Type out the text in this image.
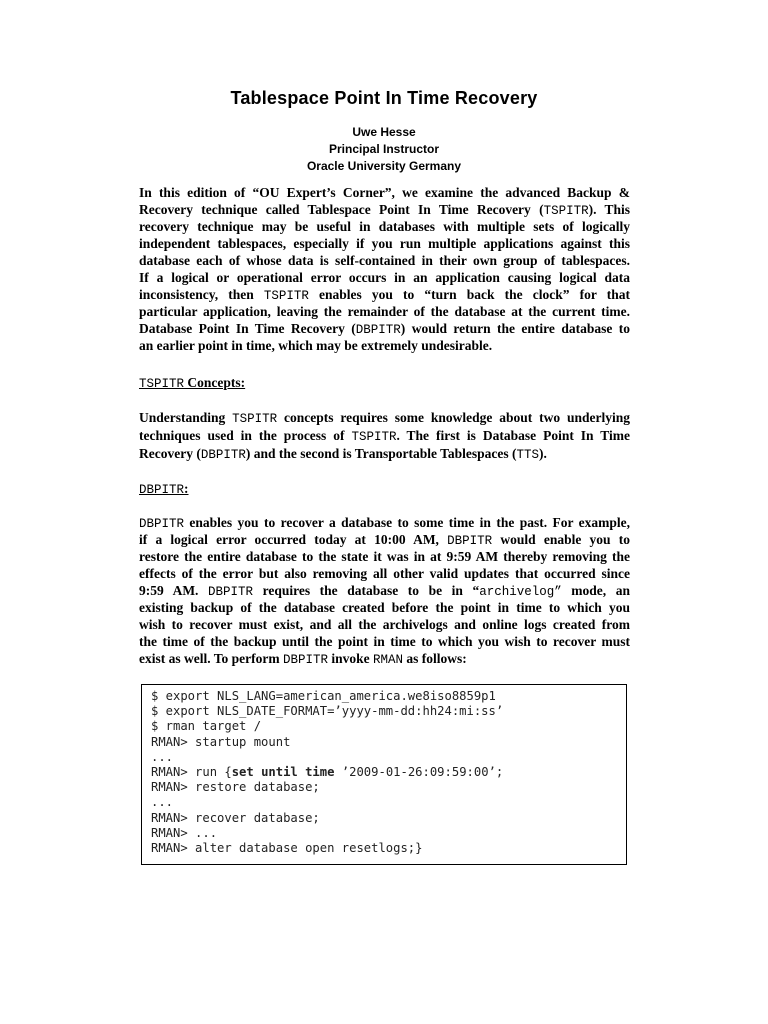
Tablespace Point In Time Recovery
Uwe Hesse
Principal Instructor
Oracle University Germany
In this edition of “OU Expert’s Corner”, we examine the advanced Backup &
Recovery technique called Tablespace Point In Time Recovery (TSPITR). This
recovery technique may be useful in databases with multiple sets of logically
independent tablespaces, especially if you run multiple applications against this
database each of whose data is self-contained in their own group of tablespaces.
If a logical or operational error occurs in an application causing logical data
inconsistency, then TSPITR enables you to “turn back the clock” for that
particular application, leaving the remainder of the database at the current time.
Database Point In Time Recovery (DBPITR) would return the entire database to
an earlier point in time, which may be extremely undesirable.
TSPITR Concepts:
Understanding TSPITR concepts requires some knowledge about two underlying
techniques used in the process of TSPITR. The first is Database Point In Time
Recovery (DBPITR) and the second is Transportable Tablespaces (TTS).
DBPITR:
DBPITR enables you to recover a database to some time in the past. For example,
if a logical error occurred today at 10:00 AM, DBPITR would enable you to
restore the entire database to the state it was in at 9:59 AM thereby removing the
effects of the error but also removing all other valid updates that occurred since
9:59 AM. DBPITR requires the database to be in “archivelog” mode, an
existing backup of the database created before the point in time to which you
wish to recover must exist, and all the archivelogs and online logs created from
the time of the backup until the point in time to which you wish to recover must
exist as well. To perform DBPITR invoke RMAN as follows:
$ export NLS_LANG=american_america.we8iso8859p1
$ export NLS_DATE_FORMAT=’yyyy-mm-dd:hh24:mi:ss’
$ rman target /
RMAN> startup mount
...
RMAN> run {set until time ’2009-01-26:09:59:00’;
RMAN> restore database;
...
RMAN> recover database;
RMAN> ...
RMAN> alter database open resetlogs;}
